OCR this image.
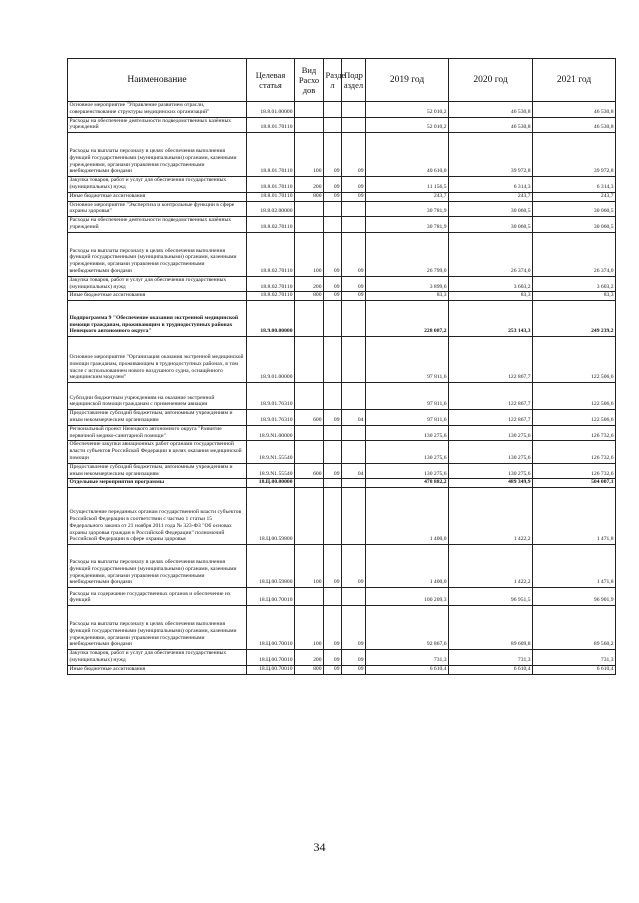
Наименование	Целевая статья	Вид Расхо дов	Разде л	Подр аздел	2019 год	2020 год	2021 год
Основное мероприятие "Управление развитием отрасли, совершенствование структуры медицинских организаций"	18.8.01.00000				52 010,2	46 530,8	46 530,8
Расходы на обеспечение деятельности подведомственных казённых учреждений	18.8.01.70110				52 010,2	46 530,8	46 530,8
Расходы на выплаты персоналу в целях обеспечения выполнения функций государственными (муниципальными) органами, казенными учреждениями, органами управления государственными внебюджетными фондами	18.8.01.70110	100	09	09	40 610,0	39 972,8	39 972,8
Закупка товаров, работ и услуг для обеспечения государственных (муниципальных) нужд	18.8.01.70110	200	09	09	11 156,5	6 314,3	6 314,3
Иные бюджетные ассигнования	18.8.01.70110	800	09	09	243,7	243,7	243,7
Основное мероприятие "Экспертиза и контрольные функции в сфере охраны здоровья"	18.8.02.00000				30 781,9	30 060,5	30 060,5
Расходы на обеспечение деятельности подведомственных казённых учреждений	18.8.02.70110				30 781,9	30 060,5	30 060,5
Расходы на выплаты персоналу в целях обеспечения выполнения функций государственными (муниципальными) органами, казенными учреждениями, органами управления государственными внебюджетными фондами	18.8.02.70110	100	09	09	26 799,0	26 374,0	26 374,0
Закупка товаров, работ и услуг для обеспечения государственных (муниципальных) нужд	18.8.02.70110	200	09	09	3 899,6	3 603,2	3 603,2
Иные бюджетные ассигнования	18.8.02.70110	800	09	09	83,3	83,3	83,3
Подпрограмма 9 "Обеспечение оказания экстренной медицинской помощи гражданам, проживающим в труднодоступных районах Ненецкого автономного округа"	18.9.00.00000				228 087,2	253 143,3	249 239,2
Основное мероприятие "Организация оказания экстренной медицинской помощи гражданам, проживающим в труднодоступных районах, в том числе с использованием нового воздушного судна, оснащённого медицинским модулем"	18.9.01.00000				97 811,6	122 867,7	122 506,6
Субсидии бюджетным учреждениям на оказание экстренной медицинской помощи гражданам с применением авиации	18.9.01.76310				97 811,6	122 867,7	122 506,6
Предоставление субсидий бюджетным, автономным учреждениям и иным некоммерческим организациям	18.9.01.76310	600	09	04	97 811,6	122 867,7	122 506,6
Региональный проект Ненецкого автономного округа "Развитие первичной медико-санитарной помощи"	18.9.N1.00000				130 275,6	130 275,6	126 732,6
Обеспечение закупки авиационных работ органами государственной власти субъектов Российской Федерации в целях оказания медицинской помощи	18.9.N1.55540				130 275,6	130 275,6	126 732,6
Предоставление субсидий бюджетным, автономным учреждениям и иным некоммерческим организациям	18.9.N1.55540	600	09	04	130 275,6	130 275,6	126 732,6
Отдельные мероприятия программы	18.Ц.00.00000				478 882,2	489 349,9	504 007,1
Осуществление переданных органам государственной власти субъектов Российской Федерации в соответствии с частью 1 статьи 15 Федерального закона от 21 ноября 2011 года № 323-ФЗ "Об основах охраны здоровья граждан в Российской Федерации" полномочий Российской Федерации в сфере охраны здоровья	18.Ц.00.59800				1 400,0	1 422,2	1 471,8
Расходы на выплаты персоналу в целях обеспечения выполнения функций государственными (муниципальными) органами, казенными учреждениями, органами управления государственными внебюджетными фондами	18.Ц.00.59800	100	09	09	1 400,0	1 422,2	1 471,8
Расходы на содержание государственных органов и обеспечение их функций	18.Ц.00.70010				100 209,3	96 951,5	96 901,9
Расходы на выплаты персоналу в целях обеспечения выполнения функций государственными (муниципальными) органами, казенными учреждениями, органами управления государственными внебюджетными фондами	18.Ц.00.70010	100	09	09	92 867,6	89 609,8	89 560,2
Закупка товаров, работ и услуг для обеспечения государственных (муниципальных) нужд	18.Ц.00.70010	200	09	09	731,3	731,3	731,3
Иные бюджетные ассигнования	18.Ц.00.70010	800	09	09	6 610,4	6 610,4	6 610,4
34
